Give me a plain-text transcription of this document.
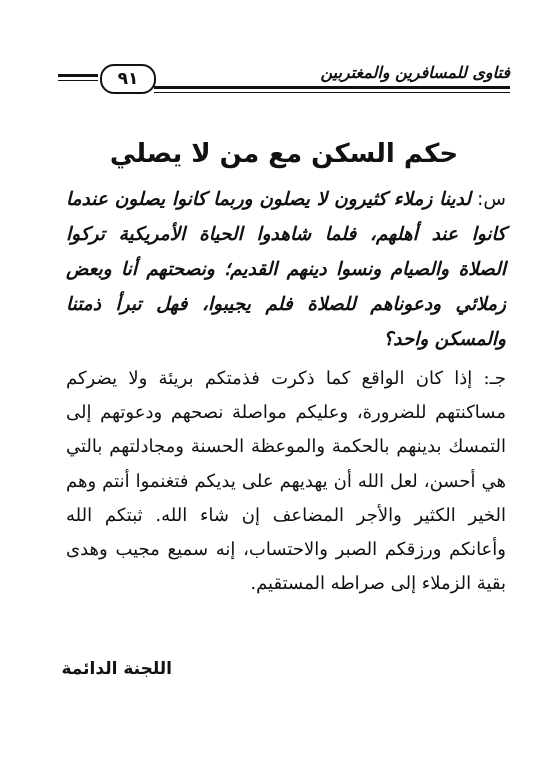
٩١	فتاوى للمسافرين والمغتربين
حكم السكن مع من لا يصلي
س: لدينا زملاء كثيرون لا يصلون وربما كانوا يصلون عندما كانوا عند أهلهم، فلما شاهدوا الحياة الأمريكية تركوا الصلاة والصيام ونسوا دينهم القديم؛ ونصحتهم أنا وبعض زملائي ودعوناهم للصلاة فلم يجيبوا، فهل تبرأ ذمتنا والمسكن واحد؟
جـ: إذا كان الواقع كما ذكرت فذمتكم بريئة ولا يضركم مساكنتهم للضرورة، وعليكم مواصلة نصحهم ودعوتهم إلى التمسك بدينهم بالحكمة والموعظة الحسنة ومجادلتهم بالتي هي أحسن، لعل الله أن يهديهم على يديكم فتغنموا أنتم وهم الخير الكثير والأجر المضاعف إن شاء الله. ثبتكم الله وأعانكم ورزقكم الصبر والاحتساب، إنه سميع مجيب وهدى بقية الزملاء إلى صراطه المستقيم.
اللجنة الدائمة
